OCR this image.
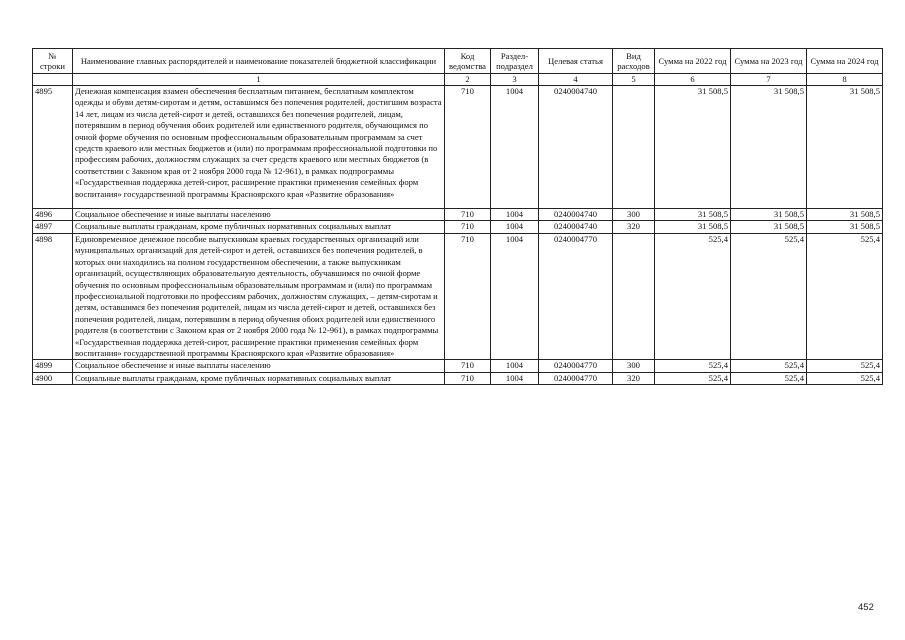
№ строки	Наименование главных распорядителей и наименование показателей бюджетной классификации	Код ведомства	Раздел-подраздел	Целевая статья	Вид расходов	Сумма на 2022 год	Сумма на 2023 год	Сумма на 2024 год
	1	2	3	4	5	6	7	8
4895	Денежная компенсация взамен обеспечения бесплатным питанием, бесплатным комплектом одежды и обуви детям-сиротам и детям, оставшимся без попечения родителей, достигшим возраста 14 лет, лицам из числа детей-сирот и детей, оставшихся без попечения родителей, лицам, потерявшим в период обучения обоих родителей или единственного родителя, обучающимся по очной форме обучения по основным профессиональным образовательным программам за счет средств краевого или местных бюджетов и (или) по программам профессиональной подготовки по профессиям рабочих, должностям служащих за счет средств краевого или местных бюджетов (в соответствии с Законом края от 2 ноября 2000 года № 12-961), в рамках подпрограммы «Государственная поддержка детей-сирот, расширение практики применения семейных форм воспитания» государственной программы Красноярского края «Развитие образования»	710	1004	0240004740		31 508,5	31 508,5	31 508,5
4896	Социальное обеспечение и иные выплаты населению	710	1004	0240004740	300	31 508,5	31 508,5	31 508,5
4897	Социальные выплаты гражданам, кроме публичных нормативных социальных выплат	710	1004	0240004740	320	31 508,5	31 508,5	31 508,5
4898	Единовременное денежное пособие выпускникам краевых государственных организаций или муниципальных организаций для детей-сирот и детей, оставшихся без попечения родителей, в которых они находились на полном государственном обеспечении, а также выпускникам организаций, осуществляющих образовательную деятельность, обучавшимся по очной форме обучения по основным профессиональным образовательным программам и (или) по программам профессиональной подготовки по профессиям рабочих, должностям служащих, – детям-сиротам и детям, оставшимся без попечения родителей, лицам из числа детей-сирот и детей, оставшихся без попечения родителей, лицам, потерявшим в период обучения обоих родителей или единственного родителя (в соответствии с Законом края от 2 ноября 2000 года № 12-961), в рамках подпрограммы «Государственная поддержка детей-сирот, расширение практики применения семейных форм воспитания» государственной программы Красноярского края «Развитие образования»	710	1004	0240004770		525,4	525,4	525,4
4899	Социальное обеспечение и иные выплаты населению	710	1004	0240004770	300	525,4	525,4	525,4
4900	Социальные выплаты гражданам, кроме публичных нормативных социальных выплат	710	1004	0240004770	320	525,4	525,4	525,4
452
